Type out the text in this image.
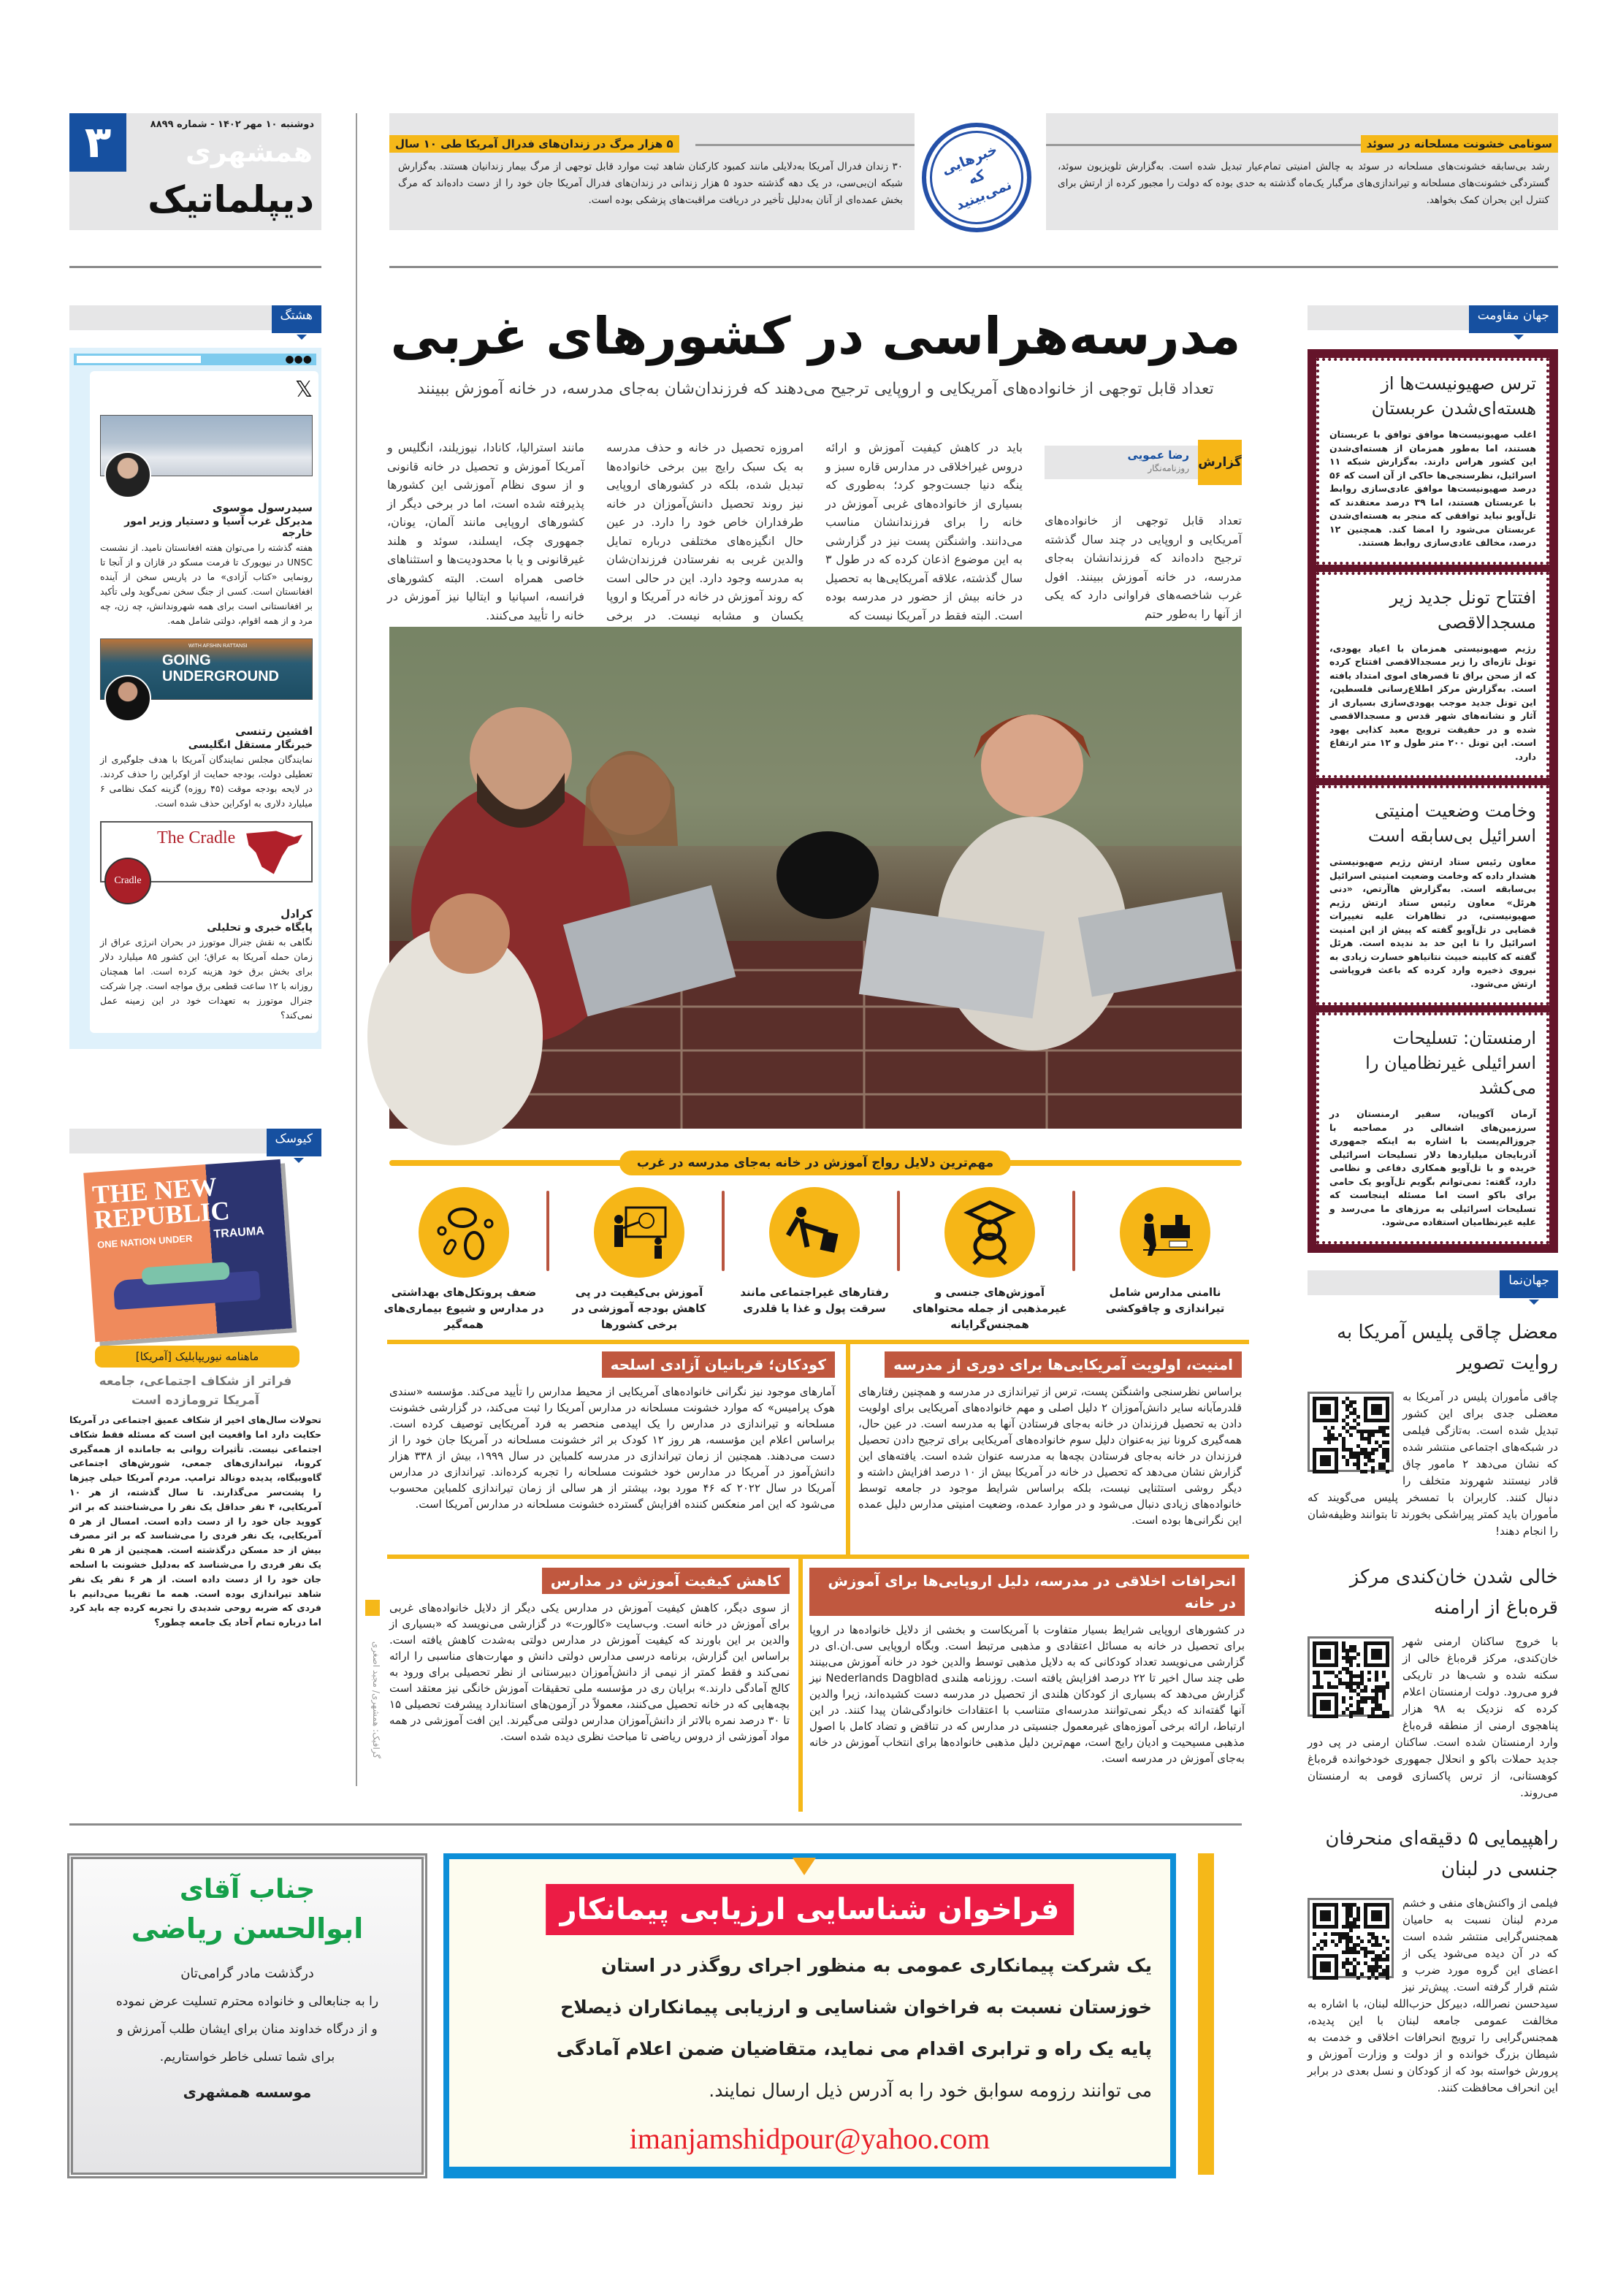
۳	دوشنبه ۱۰ مهر ۱۴۰۲ - شماره ۸۸۹۹
همشهری
دیپلماتیک
سونامی خشونت مسلحانه در سوئد
رشد بی‌سابقه خشونت‌های مسلحانه در سوئد به چالش امنیتی تمام‌عیار تبدیل شده است. به‌گزارش تلویزیون سوئد، گستردگی خشونت‌های مسلحانه و تیراندازی‌های مرگبار یک‌ماه گذشته به حدی بوده که دولت را مجبور کرده از ارتش برای کنترل این بحران کمک بخواهد.
خبرهایی که نمی‌بینید
۵ هزار مرگ در زندان‌های فدرال آمریکا طی ۱۰ سال
۳۰ زندان فدرال آمریکا به‌دلایلی مانند کمبود کارکنان شاهد ثبت موارد قابل توجهی از مرگ بیمار زندانیان هستند. به‌گزارش شبکه ان‌بی‌سی، در یک دهه گذشته حدود ۵ هزار زندانی در زندان‌های فدرال آمریکا جان خود را از دست داده‌اند که مرگ بخش عمده‌ای از آنان به‌دلیل تأخیر در دریافت مراقبت‌های پزشکی بوده است.
هشتگ مدرسه‌هراسی در کشورهای غربی
تعداد قابل توجهی از خانواده‌های آمریکایی و اروپایی ترجیح می‌دهند که فرزندان‌شان به‌جای مدرسه، در خانه آموزش ببینند
گزارش
رضا عمویی
روزنامه‌نگار
تعداد قابل توجهی از خانواده‌های آمریکایی و اروپایی در چند سال گذشته ترجیح داده‌اند که فرزندانشان به‌جای مدرسه، در خانه آموزش ببینند. افول غرب شاخصه‌های فراوانی دارد که یکی از آنها را به‌طور حتم
باید در کاهش کیفیت آموزش و ارائه دروس غیراخلاقی در مدارس قاره سبز و ینگه دنیا جست‌وجو کرد؛ به‌طوری که بسیاری از خانواده‌های غربی آموزش در خانه را برای فرزندانشان مناسب می‌دانند. واشنگتن پست نیز در گزارشی به این موضوع اذعان کرده که در طول ۳ سال گذشته، علاقه آمریکایی‌ها به تحصیل در خانه بیش از حضور در مدرسه بوده است. البته فقط در آمریکا نیست که
امروزه تحصیل در خانه و حذف مدرسه به یک سبک رایج بین برخی خانواده‌ها تبدیل شده، بلکه در کشورهای اروپایی نیز روند تحصیل دانش‌آموزان در خانه طرفداران خاص خود را دارد. در عین حال انگیزه‌های مختلفی درباره تمایل والدین غربی به نفرستادن فرزندان‌شان به مدرسه وجود دارد. این در حالی است که روند آموزش در خانه در آمریکا و اروپا یکسان و مشابه نیست. در برخی
مانند استرالیا، کانادا، نیوزیلند، انگلیس و آمریکا آموزش و تحصیل در خانه قانونی و از سوی نظام آموزشی این کشورها پذیرفته شده است، اما در برخی دیگر از کشورهای اروپایی مانند آلمان، یونان، جمهوری چک، ایسلند، سوئد و هلند غیرقانونی و یا با محدودیت‌ها و استثناهای خاصی همراه است. البته کشورهای فرانسه، اسپانیا و ایتالیا نیز آموزش در خانه را تأیید می‌کنند.
مهم‌ترین دلایل رواج آموزش در خانه به‌جای مدرسه در غرب
ناامنی مدارس شامل تیراندازی و چاقوکشی
آموزش‌های جنسی و غیرمذهبی از جمله محتواهای همجنس‌گرایانه
رفتارهای غیراجتماعی مانند سرقت پول و غذا یا قلدری
آموزش بی‌کیفیت در پی کاهش بودجه آموزشی در برخی کشورها
ضعف پروتکل‌های بهداشتی در مدارس و شیوع بیماری‌های همه‌گیر
امنیت، اولویت آمریکایی‌ها برای دوری از مدرسه

براساس نظرسنجی واشنگتن پست، ترس از تیراندازی در مدرسه و همچنین رفتارهای قلدرمآبانه سایر دانش‌آموزان ۲ دلیل اصلی و مهم خانواده‌های آمریکایی برای اولویت دادن به تحصیل فرزندان در خانه به‌جای فرستادن آنها به مدرسه است. در عین حال، همه‌گیری کرونا نیز به‌عنوان دلیل سوم خانواده‌های آمریکایی برای ترجیح دادن تحصیل فرزندان در خانه به‌جای فرستادن بچه‌ها به مدرسه عنوان شده است. یافته‌های این گزارش نشان می‌دهد که تحصیل در خانه در آمریکا بیش از ۱۰ درصد افزایش داشته و دیگر روشی استثنایی نیست، بلکه براساس شرایط موجود در جامعه توسط خانواده‌های زیادی دنبال می‌شود و در موارد عمده، وضعیت امنیتی مدارس دلیل عمده این نگرانی‌ها بوده است.

کودکان؛ قربانیان آزادی اسلحه

آمارهای موجود نیز نگرانی خانواده‌های آمریکایی از محیط مدارس را تأیید می‌کند. مؤسسه «سندی هوک پرامیس» که موارد خشونت مسلحانه در مدارس آمریکا را ثبت می‌کند، در گزارشی خشونت مسلحانه و تیراندازی در مدارس را یک اپیدمی منحصر به فرد آمریکایی توصیف کرده است. براساس اعلام این مؤسسه، هر روز ۱۲ کودک بر اثر خشونت مسلحانه در آمریکا جان خود را از دست می‌دهند. همچنین از زمان تیراندازی در مدرسه کلمباین در سال ۱۹۹۹، بیش از ۳۳۸ هزار دانش‌آموز در آمریکا در مدارس خود خشونت مسلحانه را تجربه کرده‌اند. تیراندازی در مدارس آمریکا در سال ۲۰۲۲ که ۴۶ مورد بود، بیشتر از هر سالی از زمان تیراندازی کلمباین محسوب می‌شود که این امر منعکس کننده افزایش گسترده خشونت مسلحانه در مدارس آمریکا است.

انحرافات اخلاقی در مدرسه، دلیل اروپایی‌ها برای آموزش در خانه

در کشورهای اروپایی شرایط بسیار متفاوت با آمریکاست و بخشی از دلایل خانواده‌ها در اروپا برای تحصیل در خانه به مسائل اعتقادی و مذهبی مرتبط است. وبگاه اروپایی سی.ان.ای در گزارشی می‌نویسد تعداد کودکانی که به دلایل مذهبی توسط والدین خود در خانه آموزش می‌بینند طی چند سال اخیر تا ۲۲ درصد افزایش یافته است. روزنامه هلندی Nederlands Dagblad نیز گزارش می‌دهد که بسیاری از کودکان هلندی از تحصیل در مدرسه دست کشیده‌اند، زیرا والدین آنها گفته‌اند که دیگر نمی‌توانند مدرسه‌ای متناسب با اعتقادات خانوادگی‌شان پیدا کنند. در این ارتباط، ارائه برخی آموزه‌های غیرمعمول جنسیتی در مدارس که در تناقض و تضاد کامل با اصول مذهبی مسیحیت و ادیان رایج است، مهم‌ترین دلیل مذهبی خانواده‌ها برای انتخاب آموزش در خانه به‌جای آموزش در مدرسه است.

کاهش کیفیت آموزش در مدارس

از سوی دیگر، کاهش کیفیت آموزش در مدارس یکی دیگر از دلایل خانواده‌های غربی برای آموزش در خانه است. وب‌سایت «کالورت» در گزارشی می‌نویسد که «بسیاری از والدین بر این باورند که کیفیت آموزش در مدارس دولتی به‌شدت کاهش یافته است. براساس این گزارش، برنامه درسی مدارس دولتی دانش و مهارت‌های مناسبی را ارائه نمی‌کند و فقط کمتر از نیمی از دانش‌آموزان دبیرستانی از نظر تحصیلی برای ورود به کالج آمادگی دارند.» برایان ری در مؤسسه ملی تحقیقات آموزش خانگی نیز معتقد است بچه‌هایی که در خانه تحصیل می‌کنند، معمولاً در آزمون‌های استاندارد پیشرفت تحصیلی ۱۵ تا ۳۰ درصد نمره بالاتر از دانش‌آموزان مدارس دولتی می‌گیرند. این افت آموزشی در همه مواد آموزشی از دروس ریاضی تا مباحث نظری دیده شده است.

گرافیک: همشهری/ مجید اصغری
●●●
𝕏
سیدرسول موسوی
مدیرکل غرب آسیا و دستیار وزیر امور خارجه
هفته گذشته را می‌توان هفته افغانستان نامید. از نشست UNSC در نیویورک تا فرمت مسکو در قازان و از آنجا تا رونمایی «کتاب آزادی» ما در پاریس سخن از آینده افغانستان است. کسی از جنگ سخن نمی‌گوید ولی تأکید بر افغانستانی است برای همه شهروندانش، چه زن، چه مرد و از همه اقوام، دولتی شامل همه.
WITH AFSHIN RATTANSI
GOING UNDERGROUND
افشین رتنسی
خبرنگار مستقل انگلیسی
نمایندگان مجلس نمایندگان آمریکا با هدف جلوگیری از تعطیلی دولت، بودجه حمایت از اوکراین را حذف کردند. در لایحه بودجه موقت (۴۵ روزه) گزینه کمک نظامی ۶ میلیارد دلاری به اوکراین حذف شده است.
The Cradle
Cradle
کرادل
پایگاه خبری و تحلیلی
نگاهی به نقش جنرال موتورز در بحران انرژی عراق از زمان حمله آمریکا به عراق؛ این کشور ۸۵ میلیارد دلار برای بخش برق خود هزینه کرده است. اما همچنان روزانه با ۱۲ ساعت قطعی برق مواجه است. چرا شرکت جنرال موتورز به تعهدات خود در این زمینه عمل نمی‌کند؟
کیوسک
THE NEW REPUBLIC
ONE NATION UNDER TRAUMA
ماهنامه نیوریپابلیک [آمریکا]
فراتر از شکاف اجتماعی، جامعه آمریکا ترومازده است
تحولات سال‌های اخیر از شکاف عمیق اجتماعی در آمریکا حکایت دارد اما واقعیت این است که مسئله فقط شکاف اجتماعی نیست. تأثیرات روانی به جامانده از همه‌گیری کرونا، تیراندازی‌های جمعی، شورش‌های اجتماعی گاه‌وبیگاه، پدیده دونالد ترامپ. مردم آمریکا خیلی چیزها را پشت‌سر می‌گذارند. تا سال گذشته، از هر ۱۰ آمریکایی، ۴ نفر حداقل یک نفر را می‌شناختند که بر اثر کووید جان خود را از دست داده است. امسال از هر ۵ آمریکایی، یک نفر فردی را می‌شناسد که بر اثر مصرف بیش از حد مسکن درگذشته است. همچنین از هر ۵ نفر یک نفر فردی را می‌شناسد که به‌دلیل خشونت با اسلحه جان خود را از دست داده است. از هر ۶ نفر یک نفر شاهد تیراندازی بوده است. همه ما تقریبا می‌دانیم با فردی که ضربه روحی شدیدی را تجربه کرده چه باید کرد اما درباره تمام آحاد یک جامعه چطور؟
جهان مقاومت
ترس صهیونیست‌ها از هسته‌ای‌شدن عربستان

اغلب صهیونیست‌ها موافق توافق با عربستان هستند، اما به‌طور همزمان از هسته‌ای‌شدن این کشور هراس دارند. به‌گزارش شبکه ۱۱ اسرائیل، نظرسنجی‌ها حاکی از آن است که ۵۶ درصد صهیونیست‌ها موافق عادی‌سازی روابط با عربستان هستند، اما ۳۹ درصد معتقدند که تل‌آویو نباید توافقی که منجر به هسته‌ای‌شدن عربستان می‌شود را امضا کند. همچنین ۱۲ درصد، مخالف عادی‌سازی روابط هستند.

افتتاح تونل جدید زیر مسجدالاقصی

رژیم صهیونیستی همزمان با اعیاد یهودی، تونل تازه‌ای را زیر مسجدالاقصی افتتاح کرده که از صحن براق تا قصرهای اموی امتداد یافته است. به‌گزارش مرکز اطلاع‌رسانی فلسطین، این تونل جدید موجب یهودی‌سازی بسیاری از آثار و نشانه‌های شهر قدس و مسجدالاقصی شده و در حقیقت ترویج معبد کذایی یهود است. این تونل ۲۰۰ متر طول و ۱۲ متر ارتفاع دارد.

وخامت وضعیت امنیتی اسرائیل بی‌سابقه است

معاون رئیس ستاد ارتش رژیم صهیونیستی هشدار داده که وخامت وضعیت امنیتی اسرائیل بی‌سابقه است. به‌گزارش هاآرتص، «دنی هرئل» معاون رئیس ستاد ارتش رژیم صهیونیستی، در تظاهرات علیه تغییرات قضایی در تل‌آویو گفته که پیش از این امنیت اسرائیل را تا این حد بد ندیده است. هرئل گفته که کابینه خبیث نتانیاهو خسارت زیادی به نیروی ذخیره وارد کرده که باعث فروپاشی ارتش می‌شود.

ارمنستان: تسلیحات اسرائیلی غیرنظامیان را می‌کشد

آرمان آکوپیان، سفیر ارمنستان در سرزمین‌های اشغالی در مصاحبه با جروزالم‌پست با اشاره به اینکه جمهوری آذربایجان میلیاردها دلار تسلیحات اسرائیلی خریده و با تل‌آویو همکاری دفاعی و نظامی دارد، گفته: نمی‌توانم بگویم تل‌آویو یک حامی برای باکو است اما مسئله اینجاست که تسلیحات اسرائیلی به مرزهای ما می‌رسد و علیه غیرنظامیان استفاده می‌شود.

جهان‌نما
معضل چاقی پلیس آمریکا به روایت تصویر

چاقی مأموران پلیس در آمریکا به معضلی جدی برای این کشور تبدیل شده است. به‌تازگی فیلمی در شبکه‌های اجتماعی منتشر شده که نشان می‌دهد ۲ مامور چاق قادر نیستند شهروند متخلف را دنبال کنند. کاربران با تمسخر پلیس می‌گویند که مأموران باید کمتر پیراشکی بخورند تا بتوانند وظیفه‌شان را انجام دهند!

خالی شدن خان‌کندی مرکز قره‌باغ از ارامنه

با خروج ساکنان ارمنی شهر خان‌کندی، مرکز قره‌باغ خالی از سکنه شده و شب‌ها در تاریکی فرو می‌رود. دولت ارمنستان اعلام کرده که نزدیک به ۹۸ هزار پناهجوی ارمنی از منطقه قره‌باغ وارد ارمنستان شده است. ساکنان ارمنی در پی دور جدید حملات باکو و انحلال جمهوری خودخوانده قره‌باغ کوهستانی، از ترس پاکسازی قومی به ارمنستان می‌روند.

راهپیمایی ۵ دقیقه‌ای منحرفان جنسی در لبنان

فیلمی از واکنش‌های منفی و خشم مردم لبنان نسبت به حامیان همجنس‌گرایی منتشر شده است که در آن دیده می‌شود یکی از اعضای این گروه مورد ضرب و شتم قرار گرفته است. پیش‌تر نیز سیدحسن نصرالله، دبیرکل حزب‌الله لبنان، با اشاره به مخالفت عمومی جامعه لبنان با این پدیده، همجنس‌گرایی را ترویج انحرافات اخلاقی و خدمت به شیطان بزرگ خوانده و از دولت و وزارت آموزش و پرورش خواسته بود که از کودکان و نسل بعدی در برابر این انحراف محافظت کنند.

جناب آقای
ابوالحسن ریاضی
درگذشت مادر گرامی‌تان
را به جنابعالی و خانواده محترم تسلیت عرض نموده
و از درگاه خداوند منان برای ایشان طلب آمرزش و
برای شما تسلی خاطر خواستاریم.
موسسه همشهری
فراخوان شناسایی ارزیابی پیمانکار
یک شرکت پیمانکاری عمومی به منظور اجرای روگذر در استان
خوزستان نسبت به فراخوان شناسایی و ارزیابی پیمانکاران ذیصلاح
پایه یک راه و ترابری اقدام می نماید، متقاضیان ضمن اعلام آمادگی
می توانند رزومه سوابق خود را به آدرس ذیل ارسال نمایند.
imanjamshidpour@yahoo.com
